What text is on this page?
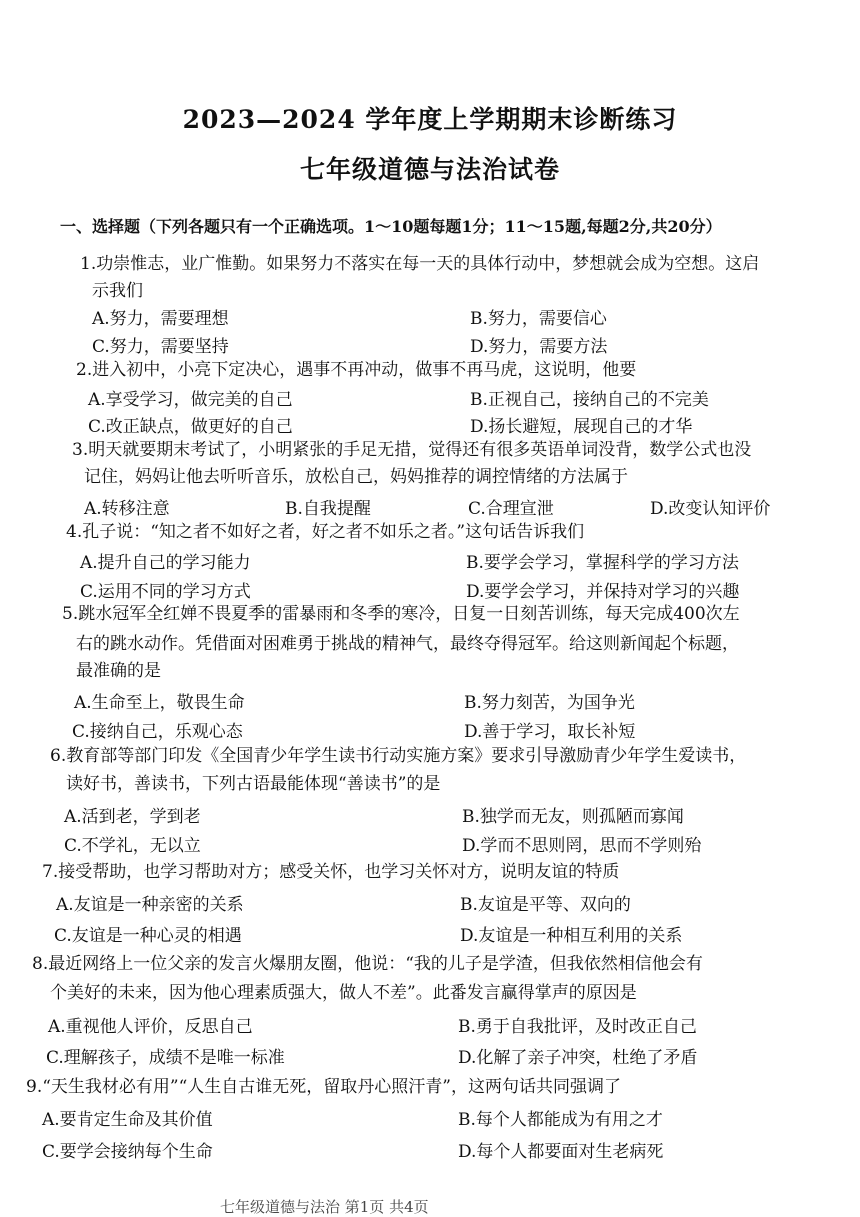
2023—2024 学年度上学期期末诊断练习
七年级道德与法治试卷
一、选择题（下列各题只有一个正确选项。1～10题每题1分；11～15题,每题2分,共20分）
1.功崇惟志，业广惟勤。如果努力不落实在每一天的具体行动中，梦想就会成为空想。这启
示我们
A.努力，需要理想	B.努力，需要信心
C.努力，需要坚持	D.努力，需要方法
2.进入初中，小亮下定决心，遇事不再冲动，做事不再马虎，这说明，他要
A.享受学习，做完美的自己	B.正视自己，接纳自己的不完美
C.改正缺点，做更好的自己	D.扬长避短，展现自己的才华
3.明天就要期末考试了，小明紧张的手足无措，觉得还有很多英语单词没背，数学公式也没
记住，妈妈让他去听听音乐，放松自己，妈妈推荐的调控情绪的方法属于
A.转移注意	B.自我提醒	C.合理宣泄	D.改变认知评价
4.孔子说：“知之者不如好之者，好之者不如乐之者。”这句话告诉我们
A.提升自己的学习能力	B.要学会学习，掌握科学的学习方法
C.运用不同的学习方式	D.要学会学习，并保持对学习的兴趣
5.跳水冠军全红婵不畏夏季的雷暴雨和冬季的寒冷，日复一日刻苦训练，每天完成400次左
右的跳水动作。凭借面对困难勇于挑战的精神气，最终夺得冠军。给这则新闻起个标题，
最准确的是
A.生命至上，敬畏生命	B.努力刻苦，为国争光
C.接纳自己，乐观心态	D.善于学习，取长补短
6.教育部等部门印发《全国青少年学生读书行动实施方案》要求引导激励青少年学生爱读书，
读好书，善读书，下列古语最能体现“善读书”的是
A.活到老，学到老	B.独学而无友，则孤陋而寡闻
C.不学礼，无以立	D.学而不思则罔，思而不学则殆
7.接受帮助，也学习帮助对方；感受关怀，也学习关怀对方，说明友谊的特质
A.友谊是一种亲密的关系	B.友谊是平等、双向的
C.友谊是一种心灵的相遇	D.友谊是一种相互利用的关系
8.最近网络上一位父亲的发言火爆朋友圈，他说：“我的儿子是学渣，但我依然相信他会有
个美好的未来，因为他心理素质强大，做人不差”。此番发言赢得掌声的原因是
A.重视他人评价，反思自己	B.勇于自我批评，及时改正自己
C.理解孩子，成绩不是唯一标准	D.化解了亲子冲突，杜绝了矛盾
9.“天生我材必有用”“人生自古谁无死，留取丹心照汗青”，这两句话共同强调了
A.要肯定生命及其价值	B.每个人都能成为有用之才
C.要学会接纳每个生命	D.每个人都要面对生老病死
七年级道德与法治 第1页 共4页
